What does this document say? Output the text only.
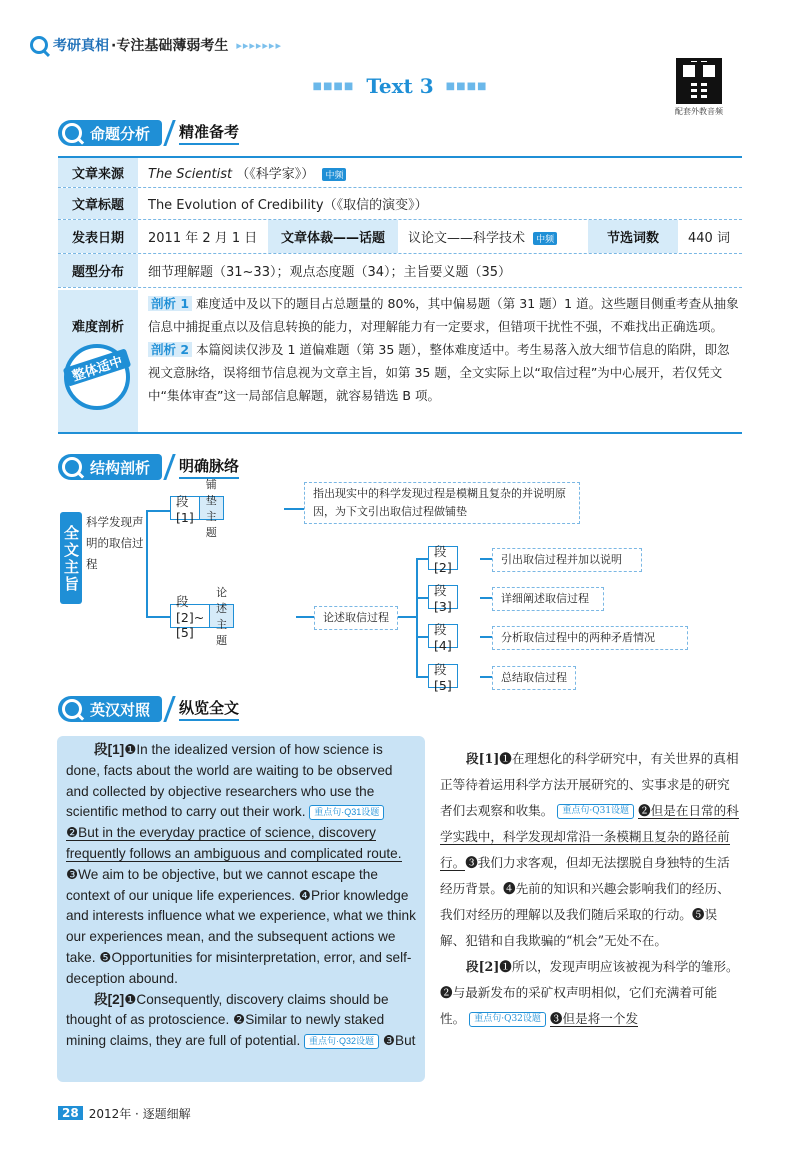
考研真相 ·专注基础薄弱考生 ▸▸▸▸▸▸▸
■■■■ Text 3 ■■■■
配套外教音频
命题分析 精准备考
文章来源	The Scientist （《科学家》） 中频
文章标题	The Evolution of Credibility（《取信的演变》）
发表日期	2011 年 2 月 1 日	文章体裁——话题	议论文——科学技术 中频	节选词数	440 词
题型分布	细节理解题（31~33）；观点态度题（34）；主旨要义题（35）
难度剖析
整体适中
剖析 1 难度适中及以下的题目占总题量的 80%，其中偏易题（第 31 题）1 道。这些题目侧重考查从抽象信息中捕捉重点以及信息转换的能力，对理解能力有一定要求，但错项干扰性不强，不难找出正确选项。
剖析 2 本篇阅读仅涉及 1 道偏难题（第 35 题），整体难度适中。考生易落入放大细节信息的陷阱，即忽视文意脉络，误将细节信息视为文章主旨，如第 35 题，全文实际上以“取信过程”为中心展开，若仅凭文中“集体审查”这一局部信息解题，就容易错选 B 项。
结构剖析 明确脉络
全文主旨
科学发现声明的取信过程
段 [1]
铺垫主题
指出现实中的科学发现过程是模糊且复杂的并说明原因，为下文引出取信过程做铺垫
段 [2]~[5]
论述主题
论述取信过程
段 [2]	引出取信过程并加以说明
段 [3]	详细阐述取信过程
段 [4]	分析取信过程中的两种矛盾情况
段 [5]	总结取信过程
英汉对照 纵览全文
段[1]❶In the idealized version of how science is done, facts about the world are waiting to be observed and collected by objective researchers who use the scientific method to carry out their work. 重点句·Q31设题 ❷But in the everyday practice of science, discovery frequently follows an ambiguous and complicated route. ❸We aim to be objective, but we cannot escape the context of our unique life experiences. ❹Prior knowledge and interests influence what we experience, what we think our experiences mean, and the subsequent actions we take. ❺Opportunities for misinterpretation, error, and self-deception abound.
段[2]❶Consequently, discovery claims should be thought of as protoscience. ❷Similar to newly staked mining claims, they are full of potential. 重点句·Q32设题 ❸But
段[1]❶在理想化的科学研究中，有关世界的真相正等待着运用科学方法开展研究的、实事求是的研究者们去观察和收集。 重点句·Q31设题 ❷但是在日常的科学实践中，科学发现却常沿一条模糊且复杂的路径前行。❸我们力求客观，但却无法摆脱自身独特的生活经历背景。❹先前的知识和兴趣会影响我们的经历、我们对经历的理解以及我们随后采取的行动。❺误解、犯错和自我欺骗的“机会”无处不在。
段[2]❶所以，发现声明应该被视为科学的雏形。❷与最新发布的采矿权声明相似，它们充满着可能性。 重点句·Q32设题 ❸但是将一个发
28 2012年 · 逐题细解
